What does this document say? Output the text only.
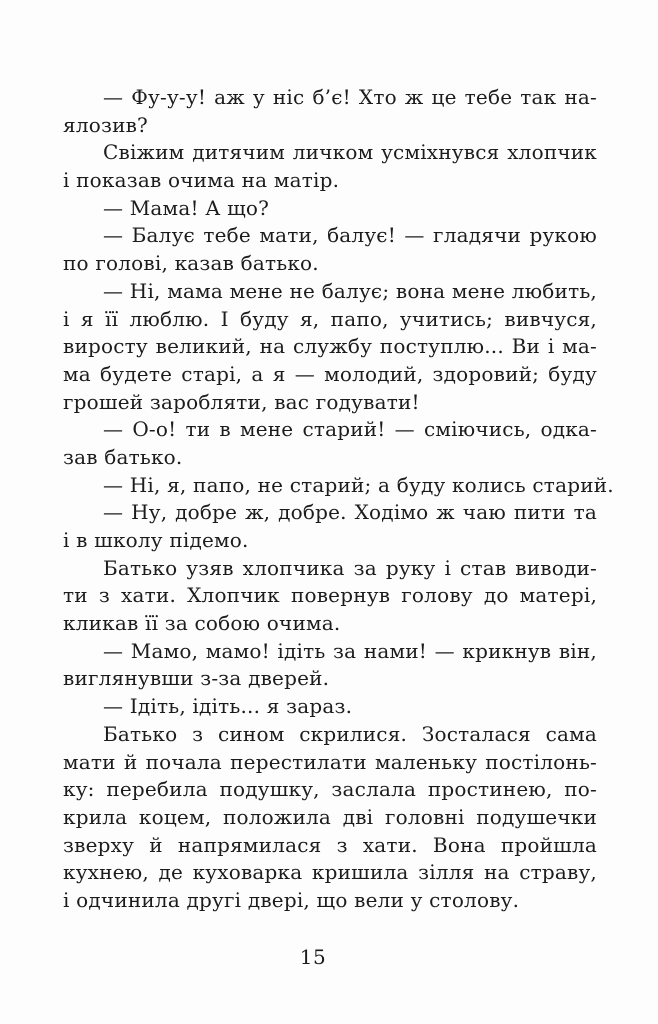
— Фу-у-у! аж у ніс б’є! Хто ж це тебе так на-
ялозив?
Свіжим дитячим личком усміхнувся хлопчик
і показав очима на матір.
— Мама! А що?
— Балує тебе мати, балує! — гладячи рукою
по голові, казав батько.
— Ні, мама мене не балує; вона мене любить,
і я її люблю. І буду я, папо, учитись; вивчуся,
виросту великий, на службу поступлю... Ви і ма-
ма будете старі, а я — молодий, здоровий; буду
грошей заробляти, вас годувати!
— О-о! ти в мене старий! — сміючись, одка-
зав батько.
— Ні, я, папо, не старий; а буду колись старий.
— Ну, добре ж, добре. Ходімо ж чаю пити та
і в школу підемо.
Батько узяв хлопчика за руку і став виводи-
ти з хати. Хлопчик повернув голову до матері,
кликав її за собою очима.
— Мамо, мамо! ідіть за нами! — крикнув він,
виглянувши з-за дверей.
— Ідіть, ідіть... я зараз.
Батько з сином скрилися. Зосталася сама
мати й почала перестилати маленьку постілонь-
ку: перебила подушку, заслала простинею, по-
крила коцем, положила дві головні подушечки
зверху й напрямилася з хати. Вона пройшла
кухнею, де куховарка кришила зілля на страву,
і одчинила другі двері, що вели у столову.
15
